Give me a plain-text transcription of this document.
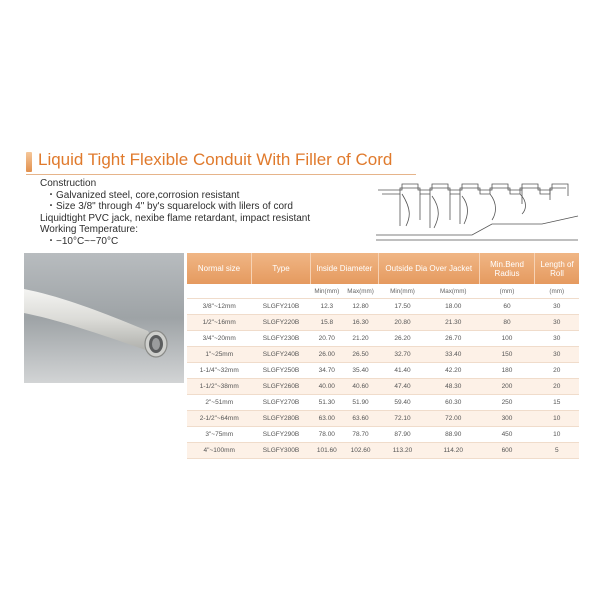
Liquid Tight Flexible Conduit With Filler of Cord
Construction
・Galvanized steel, core,corrosion resistant
・Size 3/8" through 4" by's squarelock with lilers of cord
Liquidtight PVC jack, nexibe flame retardant, impact resistant
Working Temperature:
・−10°C~−70°C
Normal size	Type	Inside Diameter		Outside Dia Over Jacket		Min.Bend Radius	Length of Roll
		Min(mm)	Max(mm)	Min(mm)	Max(mm)	(mm)	(mm)
3/8"~12mm	SLGFY210B	12.3	12.80	17.50	18.00	60	30
1/2"~16mm	SLGFY220B	15.8	16.30	20.80	21.30	80	30
3/4"~20mm	SLGFY230B	20.70	21.20	26.20	26.70	100	30
1"~25mm	SLGFY240B	26.00	26.50	32.70	33.40	150	30
1-1/4"~32mm	SLGFY250B	34.70	35.40	41.40	42.20	180	20
1-1/2"~38mm	SLGFY260B	40.00	40.60	47.40	48.30	200	20
2"~51mm	SLGFY270B	51.30	51.90	59.40	60.30	250	15
2-1/2"~64mm	SLGFY280B	63.00	63.60	72.10	72.00	300	10
3"~75mm	SLGFY290B	78.00	78.70	87.90	88.90	450	10
4"~100mm	SLGFY300B	101.60	102.60	113.20	114.20	600	5
